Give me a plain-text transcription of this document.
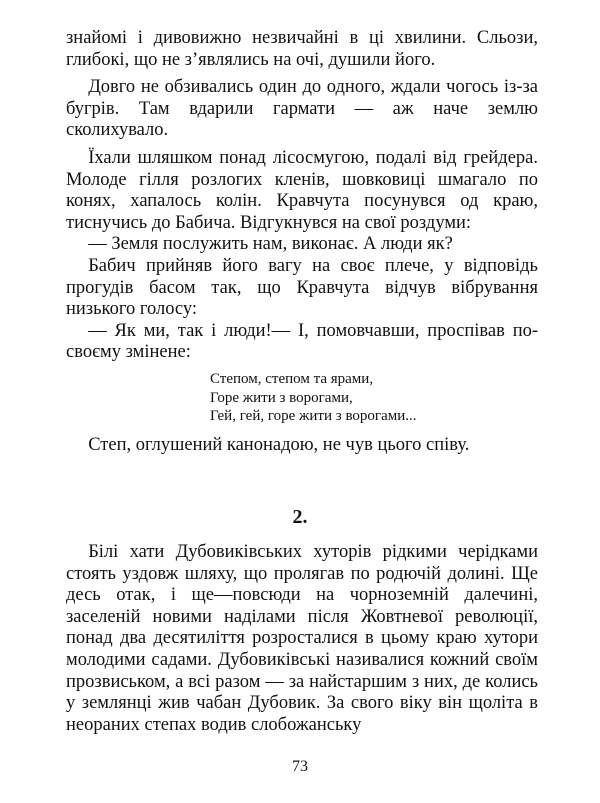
знайомі і дивовижно незвичайні в ці хвилини. Сльози, глибокі, що не з’являлись на очі, душили його.

Довго не обзивались один до одного, ждали чогось із-за бугрів. Там вдарили гармати — аж наче землю сколихувало.

Їхали шляшком понад лісосмугою, подалі від грейдера. Молоде гілля розлогих кленів, шовковиці шмагало по конях, хапалось колін. Кравчута посунувся од краю, тиснучись до Бабича. Відгукнувся на свої роздуми:

— Земля послужить нам, виконає. А люди як?

Бабич прийняв його вагу на своє плече, у відповідь прогудів басом так, що Кравчута відчув вібрування низького голосу:

— Як ми, так і люди!— І, помовчавши, проспівав по-своєму змінене:

Степом, степом та ярами,
Горе жити з ворогами,
Гей, гей, горе жити з ворогами...
Степ, оглушений канонадою, не чув цього співу.
2.

Білі хати Дубовиківських хуторів рідкими черідками стоять уздовж шляху, що пролягав по родючій долині. Ще десь отак, і ще—повсюди на чорноземній далечині, заселеній новими наділами після Жовтневої революції, понад два десятиліття розросталися в цьому краю хутори молодими садами. Дубовиківські називалися кожний своїм прозвиськом, а всі разом — за найстаршим з них, де колись у землянці жив чабан Дубовик. За свого віку він щоліта в неораних степах водив слобожанську

73
